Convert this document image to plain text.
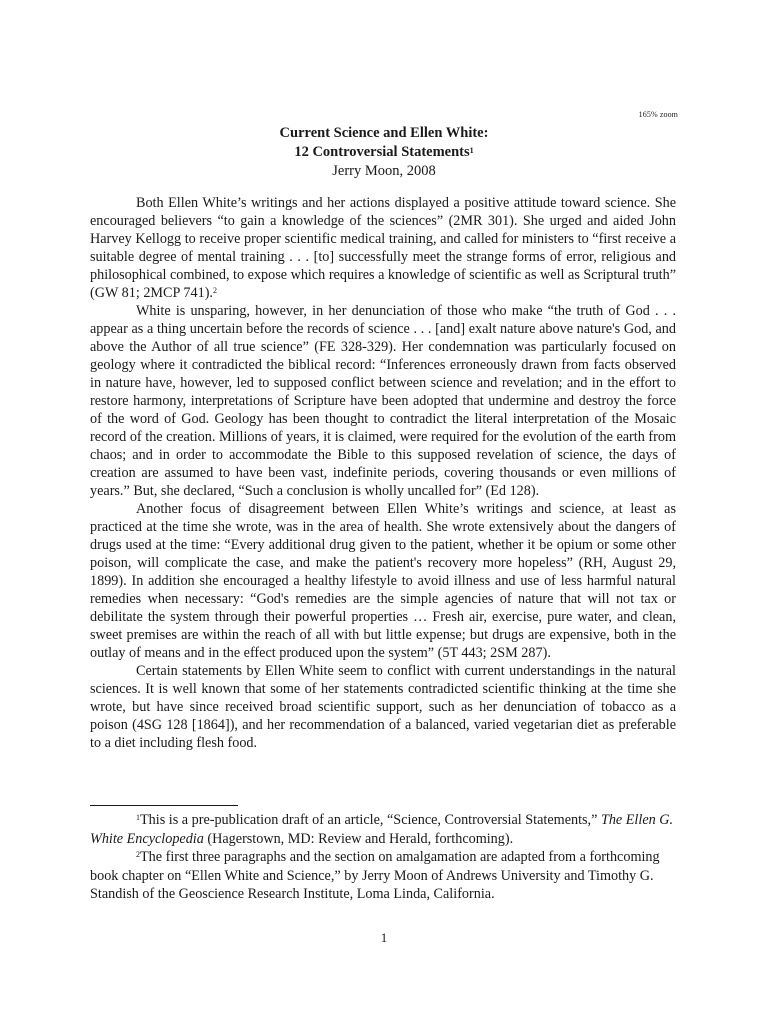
165% zoom
Current Science and Ellen White:
12 Controversial Statements$^1$
Jerry Moon, 2008

Both Ellen White’s writings and her actions displayed a positive attitude toward science. She encouraged believers “to gain a knowledge of the sciences” (2MR 301). She urged and aided John Harvey Kellogg to receive proper scientific medical training, and called for ministers to “first receive a suitable degree of mental training . . . [to] successfully meet the strange forms of error, religious and philosophical combined, to expose which requires a knowledge of scientific as well as Scriptural truth” (GW 81; 2MCP 741).$^2$

White is unsparing, however, in her denunciation of those who make “the truth of God . . . appear as a thing uncertain before the records of science . . . [and] exalt nature above nature's God, and above the Author of all true science” (FE 328-329). Her condemnation was particularly focused on geology where it contradicted the biblical record: “Inferences erroneously drawn from facts observed in nature have, however, led to supposed conflict between science and revelation; and in the effort to restore harmony, interpretations of Scripture have been adopted that undermine and destroy the force of the word of God. Geology has been thought to contradict the literal interpretation of the Mosaic record of the creation. Millions of years, it is claimed, were required for the evolution of the earth from chaos; and in order to accommodate the Bible to this supposed revelation of science, the days of creation are assumed to have been vast, indefinite periods, covering thousands or even millions of years.” But, she declared, “Such a conclusion is wholly uncalled for” (Ed 128).

Another focus of disagreement between Ellen White’s writings and science, at least as practiced at the time she wrote, was in the area of health. She wrote extensively about the dangers of drugs used at the time: “Every additional drug given to the patient, whether it be opium or some other poison, will complicate the case, and make the patient's recovery more hopeless” (RH, August 29, 1899). In addition she encouraged a healthy lifestyle to avoid illness and use of less harmful natural remedies when necessary: “God's remedies are the simple agencies of nature that will not tax or debilitate the system through their powerful properties … Fresh air, exercise, pure water, and clean, sweet premises are within the reach of all with but little expense; but drugs are expensive, both in the outlay of means and in the effect produced upon the system” (5T 443; 2SM 287).

Certain statements by Ellen White seem to conflict with current understandings in the natural sciences. It is well known that some of her statements contradicted scientific thinking at the time she wrote, but have since received broad scientific support, such as her denunciation of tobacco as a poison (4SG 128 [1864]), and her recommendation of a balanced, varied vegetarian diet as preferable to a diet including flesh food.

$^1$This is a pre-publication draft of an article, “Science, Controversial Statements,” The Ellen G. White Encyclopedia (Hagerstown, MD: Review and Herald, forthcoming).

$^2$The first three paragraphs and the section on amalgamation are adapted from a forthcoming book chapter on “Ellen White and Science,” by Jerry Moon of Andrews University and Timothy G. Standish of the Geoscience Research Institute, Loma Linda, California.

1
